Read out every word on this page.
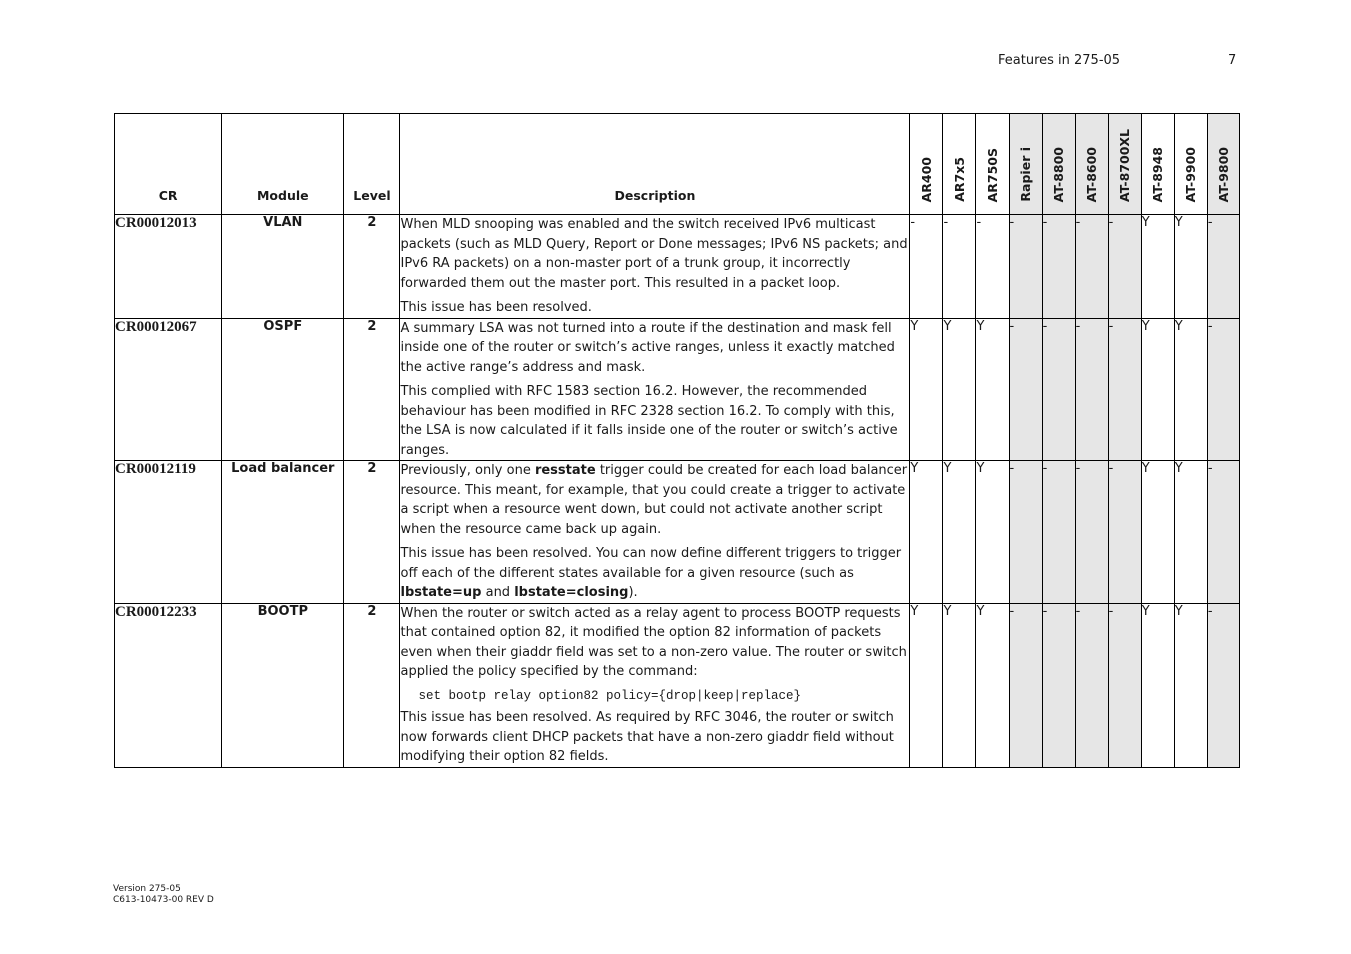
Features in 275-05	7
CR	Module	Level	Description	AR400	AR7x5	AR750S	Rapier i	AT-8800	AT-8600	AT-8700XL	AT-8948	AT-9900	AT-9800
CR00012013	VLAN	2	When MLD snooping was enabled and the switch received IPv6 multicast packets (such as MLD Query, Report or Done messages; IPv6 NS packets; and IPv6 RA packets) on a non-master port of a trunk group, it incorrectly forwarded them out the master port. This resulted in a packet loop.

This issue has been resolved.	-	-	-	-	-	-	-	Y	Y	-
CR00012067	OSPF	2	A summary LSA was not turned into a route if the destination and mask fell inside one of the router or switch’s active ranges, unless it exactly matched the active range’s address and mask.

This complied with RFC 1583 section 16.2. However, the recommended behaviour has been modified in RFC 2328 section 16.2. To comply with this, the LSA is now calculated if it falls inside one of the router or switch’s active ranges.	Y	Y	Y	-	-	-	-	Y	Y	-
CR00012119	Load balancer	2	Previously, only one resstate trigger could be created for each load balancer resource. This meant, for example, that you could create a trigger to activate a script when a resource went down, but could not activate another script when the resource came back up again.

This issue has been resolved. You can now define different triggers to trigger off each of the different states available for a given resource (such as lbstate=up and lbstate=closing).	Y	Y	Y	-	-	-	-	Y	Y	-
CR00012233	BOOTP	2	When the router or switch acted as a relay agent to process BOOTP requests that contained option 82, it modified the option 82 information of packets even when their giaddr field was set to a non-zero value. The router or switch applied the policy specified by the command:

set bootp relay option82 policy={drop|keep|replace}

This issue has been resolved. As required by RFC 3046, the router or switch now forwards client DHCP packets that have a non-zero giaddr field without modifying their option 82 fields.	Y	Y	Y	-	-	-	-	Y	Y	-
Version 275-05
C613-10473-00 REV D
